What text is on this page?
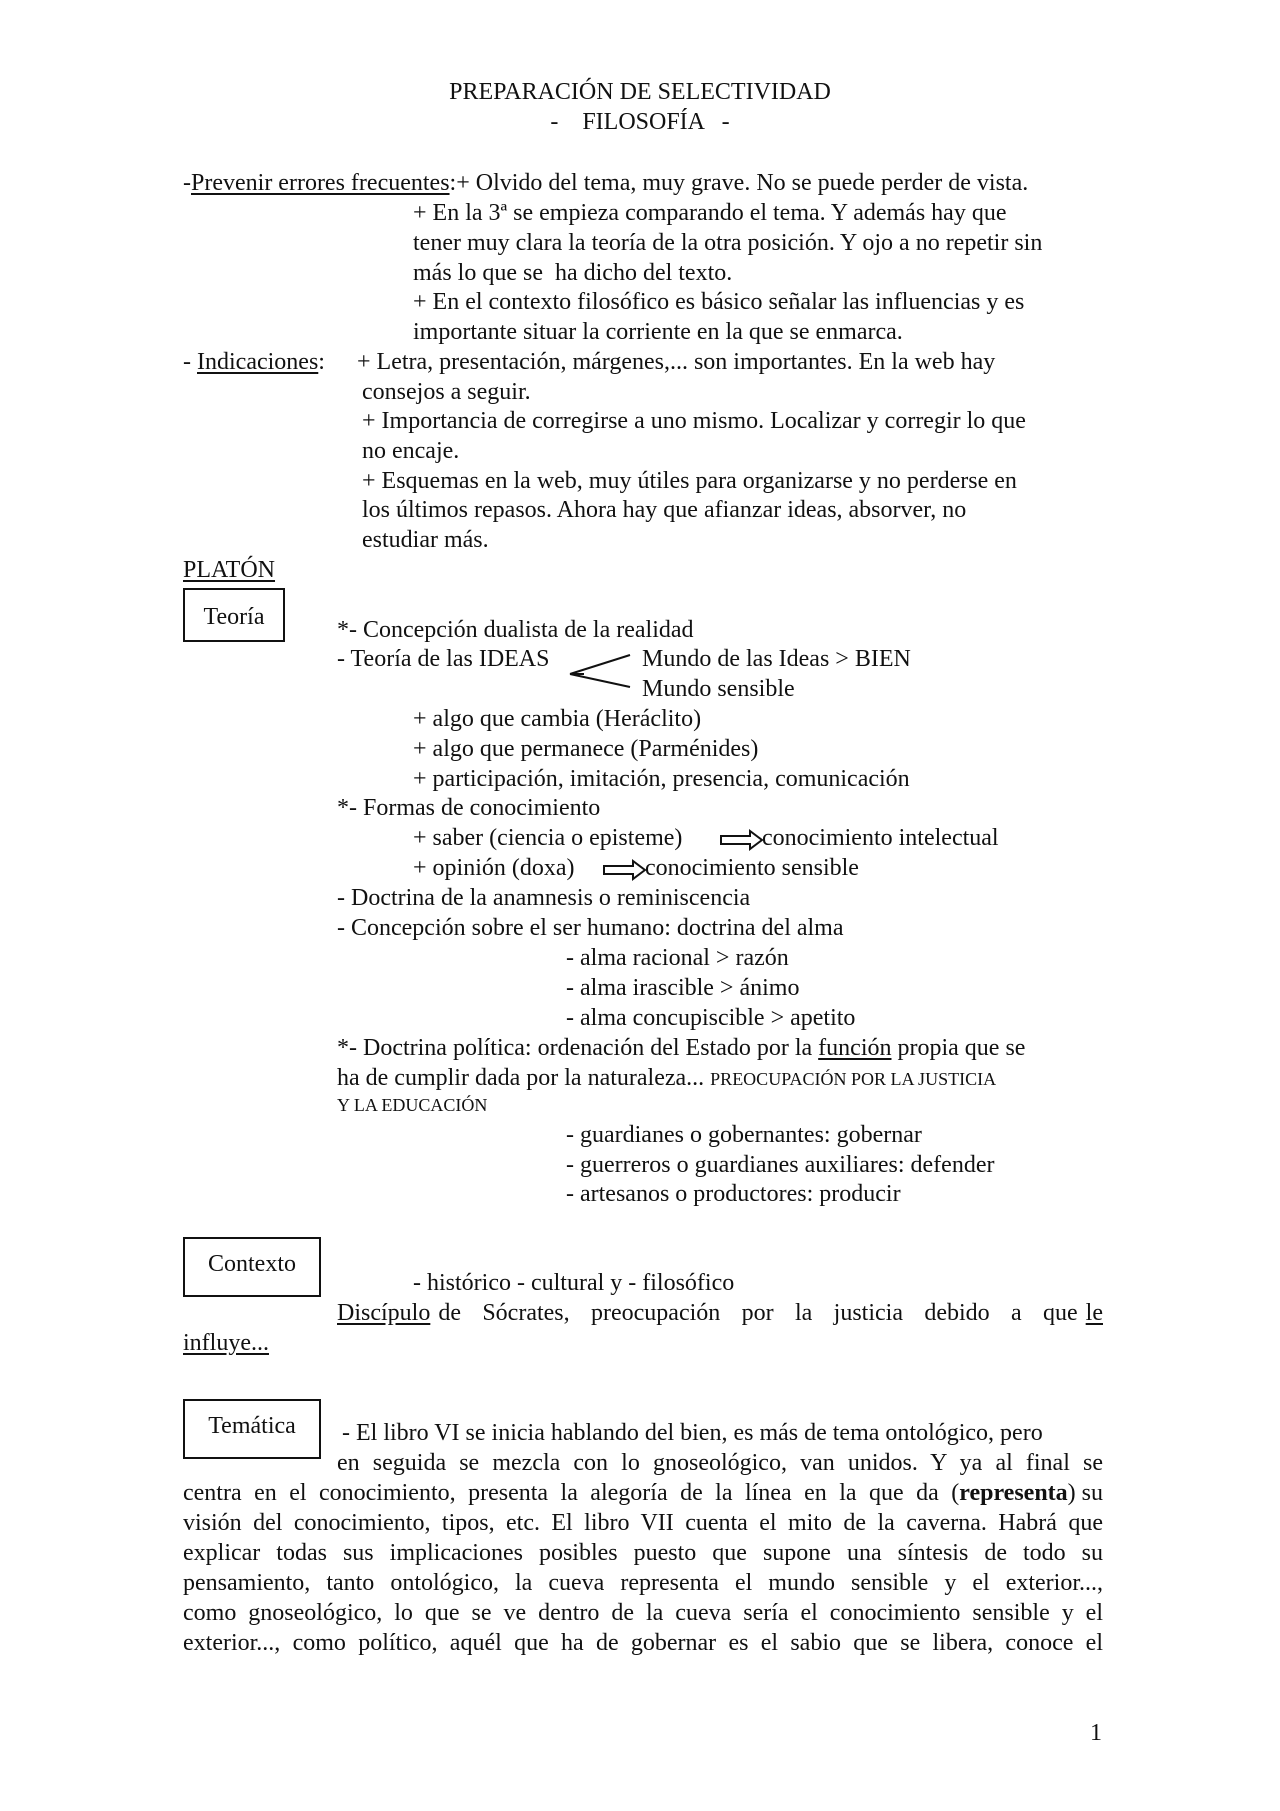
PREPARACIÓN DE SELECTIVIDAD
-    FILOSOFÍA   -
-Prevenir errores frecuentes:+ Olvido del tema, muy grave. No se puede perder de vista.
+ En la 3ª se empieza comparando el tema. Y además hay que
tener muy clara la teoría de la otra posición. Y ojo a no repetir sin
más lo que se  ha dicho del texto.
+ En el contexto filosófico es básico señalar las influencias y es
importante situar la corriente en la que se enmarca.
- Indicaciones: + Letra, presentación, márgenes,... son importantes. En la web hay
consejos a seguir.
+ Importancia de corregirse a uno mismo. Localizar y corregir lo que
no encaje.
+ Esquemas en la web, muy útiles para organizarse y no perderse en
los últimos repasos. Ahora hay que afianzar ideas, absorver, no
estudiar más.
PLATÓN
Teoría	*- Concepción dualista de la realidad
- Teoría de las IDEAS	Mundo de las Ideas > BIEN
Mundo sensible
+ algo que cambia (Heráclito)
+ algo que permanece (Parménides)
+ participación, imitación, presencia, comunicación
*- Formas de conocimiento
+ saber (ciencia o episteme)	conocimiento intelectual
+ opinión (doxa)	conocimiento sensible
- Doctrina de la anamnesis o reminiscencia
- Concepción sobre el ser humano: doctrina del alma
- alma racional > razón
- alma irascible > ánimo
- alma concupiscible > apetito
*- Doctrina política: ordenación del Estado por la función propia que se
ha de cumplir dada por la naturaleza... PREOCUPACIÓN POR LA JUSTICIA
Y LA EDUCACIÓN
- guardianes o gobernantes: gobernar
- guerreros o guardianes auxiliares: defender
- artesanos o productores: producir
Contexto
- histórico - cultural y - filosófico
Discípulo de Sócrates, preocupación por la justicia debido a que le
influye...
Temática	- El libro VI se inicia hablando del bien, es más de tema ontológico, pero
en seguida se mezcla con lo gnoseológico, van unidos. Y ya al final se
centra en el conocimiento, presenta la alegoría de la línea en la que da ( representa ) su
visión del conocimiento, tipos, etc. El libro VII cuenta el mito de la caverna. Habrá que
explicar todas sus implicaciones posibles puesto que supone una síntesis de todo su
pensamiento, tanto ontológico, la cueva representa el mundo sensible y el exterior...,
como gnoseológico, lo que se ve dentro de la cueva sería el conocimiento sensible y el
exterior..., como político, aquél que ha de gobernar es el sabio que se libera, conoce el
1
